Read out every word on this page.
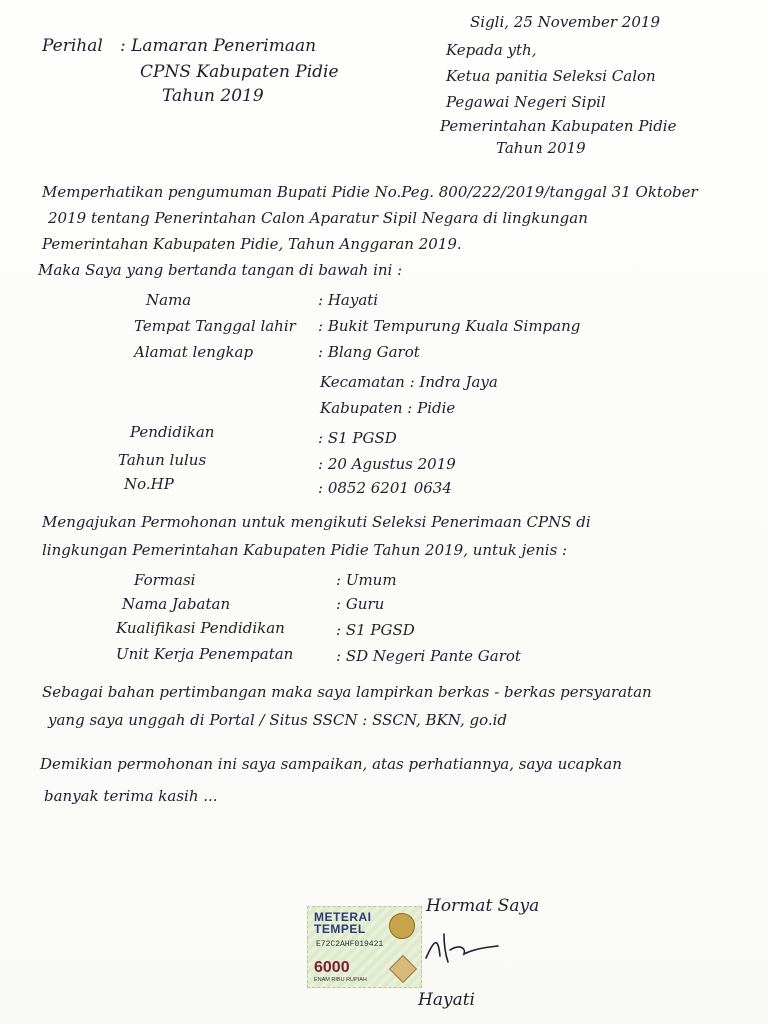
Perihal : Lamaran Penerimaan
CPNS Kabupaten Pidie
Tahun 2019
Sigli, 25 November 2019
Kepada yth,
Ketua panitia Seleksi Calon
Pegawai Negeri Sipil
Pemerintahan Kabupaten Pidie
Tahun 2019
Memperhatikan pengumuman Bupati Pidie No.Peg. 800/222/2019/tanggal 31 Oktober
2019 tentang Penerintahan Calon Aparatur Sipil Negara di lingkungan
Pemerintahan Kabupaten Pidie, Tahun Anggaran 2019.
Maka Saya yang bertanda tangan di bawah ini :
Nama	: Hayati
Tempat Tanggal lahir : Bukit Tempurung Kuala Simpang
Alamat lengkap	: Blang Garot
Kecamatan : Indra Jaya
Kabupaten : Pidie
Pendidikan	: S1 PGSD
Tahun lulus	: 20 Agustus 2019
No.HP	: 0852 6201 0634
Mengajukan Permohonan untuk mengikuti Seleksi Penerimaan CPNS di
lingkungan Pemerintahan Kabupaten Pidie Tahun 2019, untuk jenis :
Formasi	: Umum
Nama Jabatan	: Guru
Kualifikasi Pendidikan	: S1 PGSD
Unit Kerja Penempatan	: SD Negeri Pante Garot
Sebagai bahan pertimbangan maka saya lampirkan berkas - berkas persyaratan
yang saya unggah di Portal / Situs SSCN : SSCN, BKN, go.id
Demikian permohonan ini saya sampaikan, atas perhatiannya, saya ucapkan
banyak terima kasih ...
Hormat Saya
METERAI
TEMPEL
E72C2AHF019421
6000
ENAM RIBU RUPIAH
Hayati
